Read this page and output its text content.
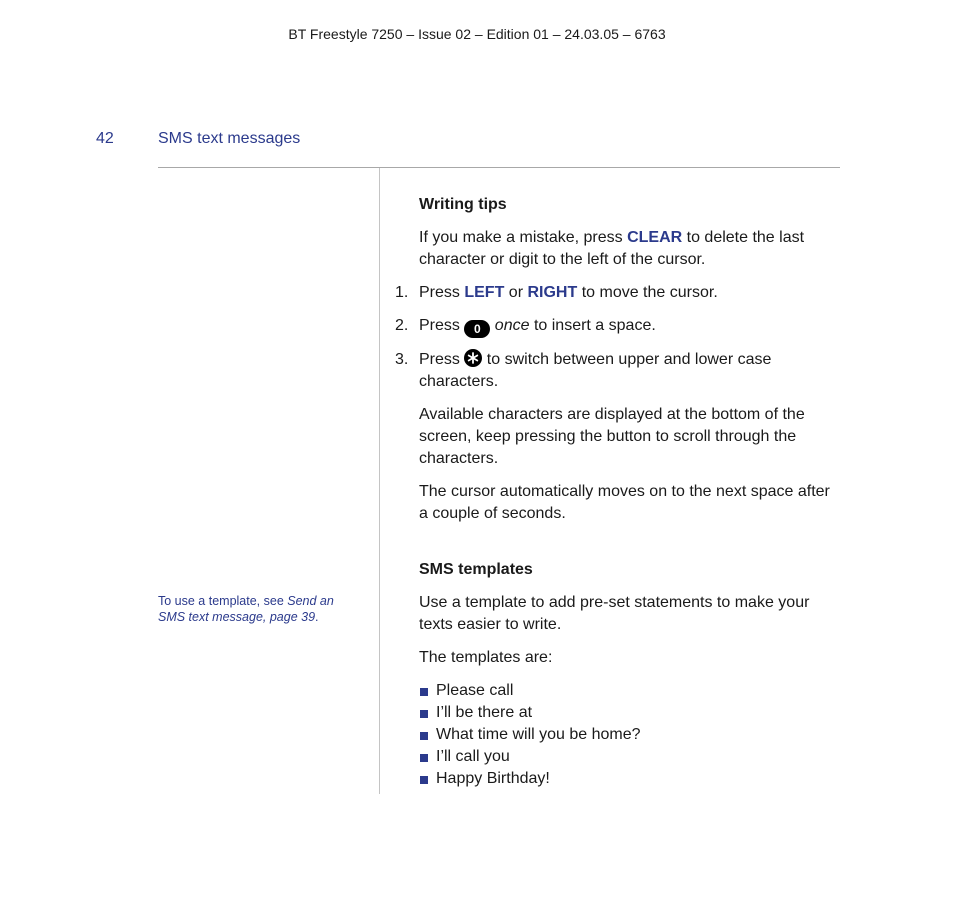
BT Freestyle 7250 – Issue 02 – Edition 01 – 24.03.05 – 6763
42	SMS text messages
To use a template, see Send an SMS text message, page 39.
Writing tips

If you make a mistake, press CLEAR to delete the last character or digit to the left of the cursor.

1. Press LEFT or RIGHT to move the cursor.
2. Press 0 once to insert a space.
3. Press
to switch between upper and lower case characters.

Available characters are displayed at the bottom of the screen, keep pressing the button to scroll through the characters.

The cursor automatically moves on to the next space after a couple of seconds.

SMS templates

Use a template to add pre-set statements to make your texts easier to write.

The templates are:

Please call
I’ll be there at
What time will you be home?
I’ll call you
Happy Birthday!
